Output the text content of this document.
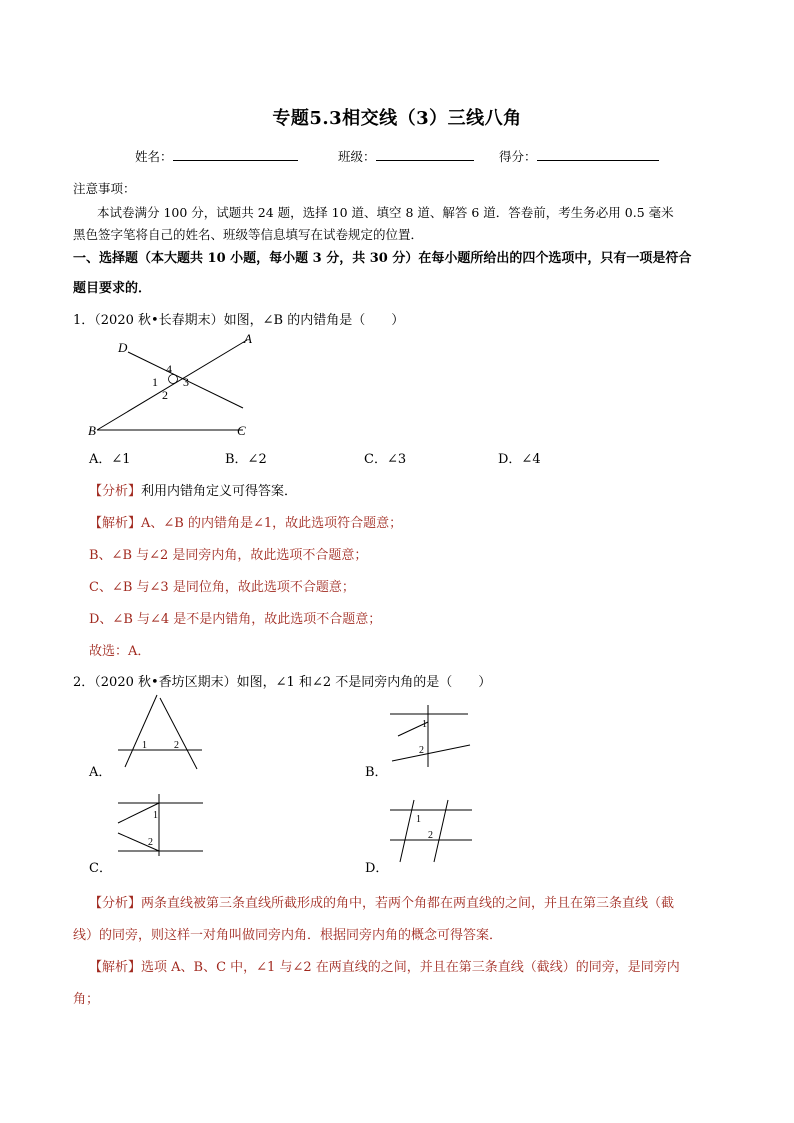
专题5.3相交线（3）三线八角
姓名：	班级：	得分：
注意事项：
本试卷满分 100 分，试题共 24 题，选择 10 道、填空 8 道、解答 6 道．答卷前，考生务必用 0.5 毫米
黑色签字笔将自己的姓名、班级等信息填写在试卷规定的位置．
一、选择题（本大题共 10 小题，每小题 3 分，共 30 分）在每小题所给出的四个选项中，只有一项是符合
题目要求的．
1．（2020 秋•长春期末）如图，∠B 的内错角是（　　）
D
A
B	C
1
2
3
4
A．∠1	B．∠2	C．∠3	D．∠4
【分析】利用内错角定义可得答案．
【解析】A、∠B 的内错角是∠1，故此选项符合题意；
B、∠B 与∠2 是同旁内角，故此选项不合题意；
C、∠B 与∠3 是同位角，故此选项不合题意；
D、∠B 与∠4 是不是内错角，故此选项不合题意；
故选：A．
2．（2020 秋•香坊区期末）如图，∠1 和∠2 不是同旁内角的是（　　）
1	2
A．
1
2
B．
1
2
C．
1
2
D．
【分析】两条直线被第三条直线所截形成的角中，若两个角都在两直线的之间，并且在第三条直线（截
线）的同旁，则这样一对角叫做同旁内角．根据同旁内角的概念可得答案．
【解析】选项 A、B、C 中，∠1 与∠2 在两直线的之间，并且在第三条直线（截线）的同旁，是同旁内
角；
